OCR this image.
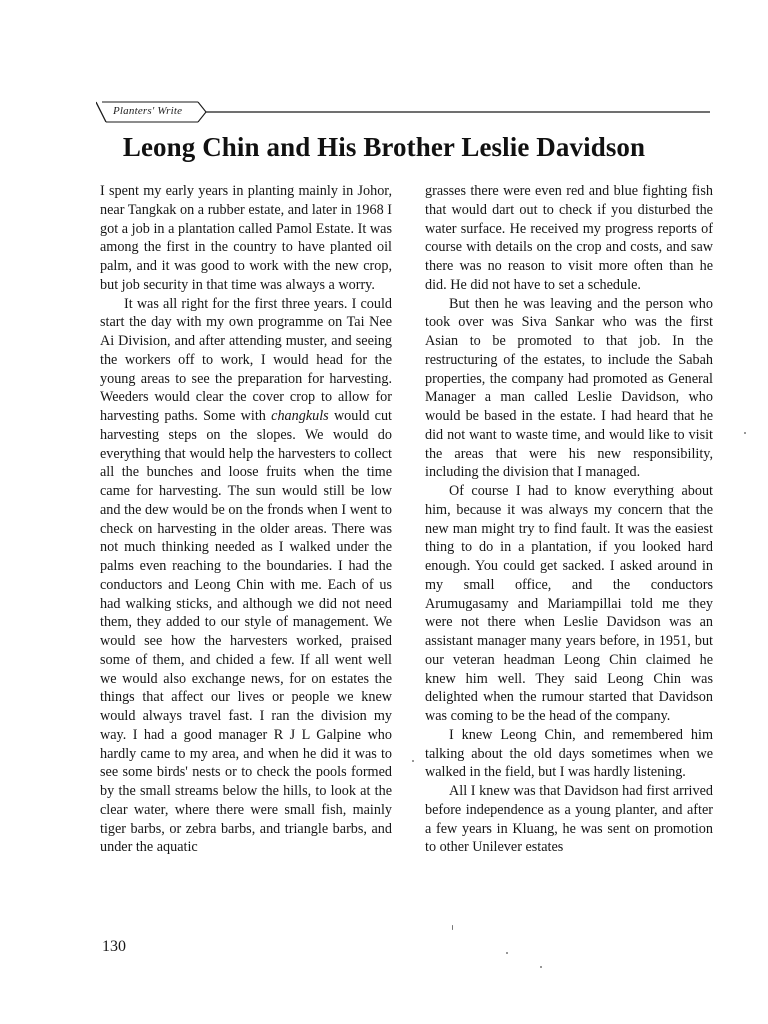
Planters' Write
Leong Chin and His Brother Leslie Davidson

I spent my early years in planting mainly in Johor, near Tangkak on a rubber estate, and later in 1968 I got a job in a plantation called Pamol Estate. It was among the first in the country to have planted oil palm, and it was good to work with the new crop, but job security in that time was always a worry.

It was all right for the first three years. I could start the day with my own programme on Tai Nee Ai Division, and after attending muster, and seeing the workers off to work, I would head for the young areas to see the preparation for harvesting. Weeders would clear the cover crop to allow for harvesting paths. Some with changkuls would cut harvesting steps on the slopes. We would do everything that would help the harvesters to collect all the bunches and loose fruits when the time came for harvesting. The sun would still be low and the dew would be on the fronds when I went to check on harvesting in the older areas. There was not much thinking needed as I walked under the palms even reaching to the boundaries. I had the conductors and Leong Chin with me. Each of us had walking sticks, and although we did not need them, they added to our style of management. We would see how the harvesters worked, praised some of them, and chided a few. If all went well we would also exchange news, for on estates the things that affect our lives or people we knew would always travel fast. I ran the division my way. I had a good manager R J L Galpine who hardly came to my area, and when he did it was to see some birds' nests or to check the pools formed by the small streams below the hills, to look at the clear water, where there were small fish, mainly tiger barbs, or zebra barbs, and triangle barbs, and under the aquatic

grasses there were even red and blue fighting fish that would dart out to check if you disturbed the water surface. He received my progress reports of course with details on the crop and costs, and saw there was no reason to visit more often than he did. He did not have to set a schedule.

But then he was leaving and the person who took over was Siva Sankar who was the first Asian to be promoted to that job. In the restructuring of the estates, to include the Sabah properties, the company had promoted as General Manager a man called Leslie Davidson, who would be based in the estate. I had heard that he did not want to waste time, and would like to visit the areas that were his new responsibility, including the division that I managed.

Of course I had to know everything about him, because it was always my concern that the new man might try to find fault. It was the easiest thing to do in a plantation, if you looked hard enough. You could get sacked. I asked around in my small office, and the conductors Arumugasamy and Mariampillai told me they were not there when Leslie Davidson was an assistant manager many years before, in 1951, but our veteran headman Leong Chin claimed he knew him well. They said Leong Chin was delighted when the rumour started that Davidson was coming to be the head of the company.

I knew Leong Chin, and remembered him talking about the old days sometimes when we walked in the field, but I was hardly listening.

All I knew was that Davidson had first arrived before independence as a young planter, and after a few years in Kluang, he was sent on promotion to other Unilever estates

130
